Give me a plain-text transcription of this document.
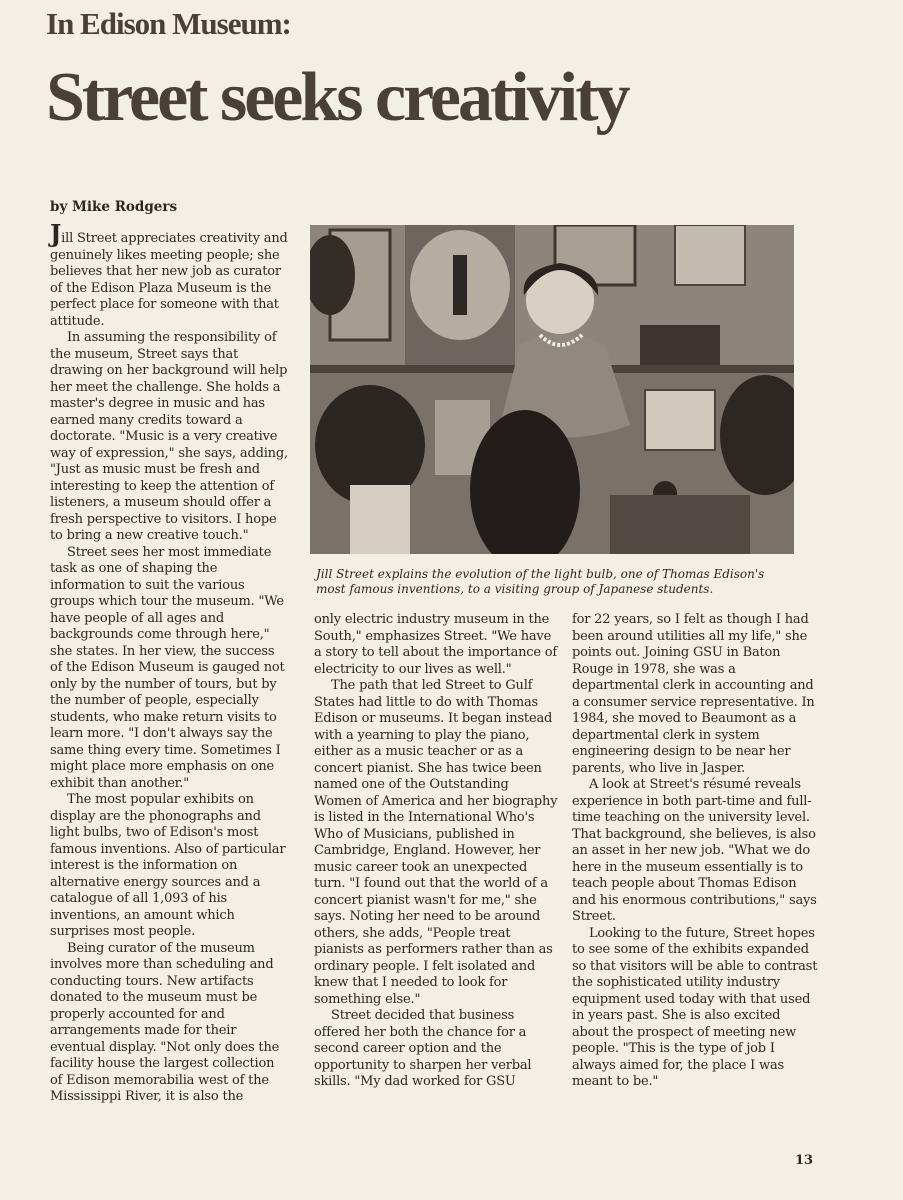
In Edison Museum:
Street seeks creativity

by Mike Rodgers

Jill Street appreciates creativity and genuinely likes meeting people; she believes that her new job as curator of the Edison Plaza Museum is the perfect place for someone with that attitude.

In assuming the responsibility of the museum, Street says that drawing on her background will help her meet the challenge. She holds a master's degree in music and has earned many credits toward a doctorate. "Music is a very creative way of expression," she says, adding, "Just as music must be fresh and interesting to keep the attention of listeners, a museum should offer a fresh perspective to visitors. I hope to bring a new creative touch."

Street sees her most immediate task as one of shaping the information to suit the various groups which tour the museum. "We have people of all ages and backgrounds come through here," she states. In her view, the success of the Edison Museum is gauged not only by the number of tours, but by the number of people, especially students, who make return visits to learn more. "I don't always say the same thing every time. Sometimes I might place more emphasis on one exhibit than another."

The most popular exhibits on display are the phonographs and light bulbs, two of Edison's most famous inventions. Also of particular interest is the information on alternative energy sources and a catalogue of all 1,093 of his inventions, an amount which surprises most people.

Being curator of the museum involves more than scheduling and conducting tours. New artifacts donated to the museum must be properly accounted for and arrangements made for their eventual display. "Not only does the facility house the largest collection of Edison memorabilia west of the Mississippi River, it is also the

Jill Street explains the evolution of the light bulb, one of Thomas Edison's most famous inventions, to a visiting group of Japanese students.

only electric industry museum in the South," emphasizes Street. "We have a story to tell about the importance of electricity to our lives as well."

The path that led Street to Gulf States had little to do with Thomas Edison or museums. It began instead with a yearning to play the piano, either as a music teacher or as a concert pianist. She has twice been named one of the Outstanding Women of America and her biography is listed in the International Who's Who of Musicians, published in Cambridge, England. However, her music career took an unexpected turn. "I found out that the world of a concert pianist wasn't for me," she says. Noting her need to be around others, she adds, "People treat pianists as performers rather than as ordinary people. I felt isolated and knew that I needed to look for something else."

Street decided that business offered her both the chance for a second career option and the opportunity to sharpen her verbal skills. "My dad worked for GSU

for 22 years, so I felt as though I had been around utilities all my life," she points out. Joining GSU in Baton Rouge in 1978, she was a departmental clerk in accounting and a consumer service representative. In 1984, she moved to Beaumont as a departmental clerk in system engineering design to be near her parents, who live in Jasper.

A look at Street's résumé reveals experience in both part-time and full-time teaching on the university level. That background, she believes, is also an asset in her new job. "What we do here in the museum essentially is to teach people about Thomas Edison and his enormous contributions," says Street.

Looking to the future, Street hopes to see some of the exhibits expanded so that visitors will be able to contrast the sophisticated utility industry equipment used today with that used in years past. She is also excited about the prospect of meeting new people. "This is the type of job I always aimed for, the place I was meant to be."

13
